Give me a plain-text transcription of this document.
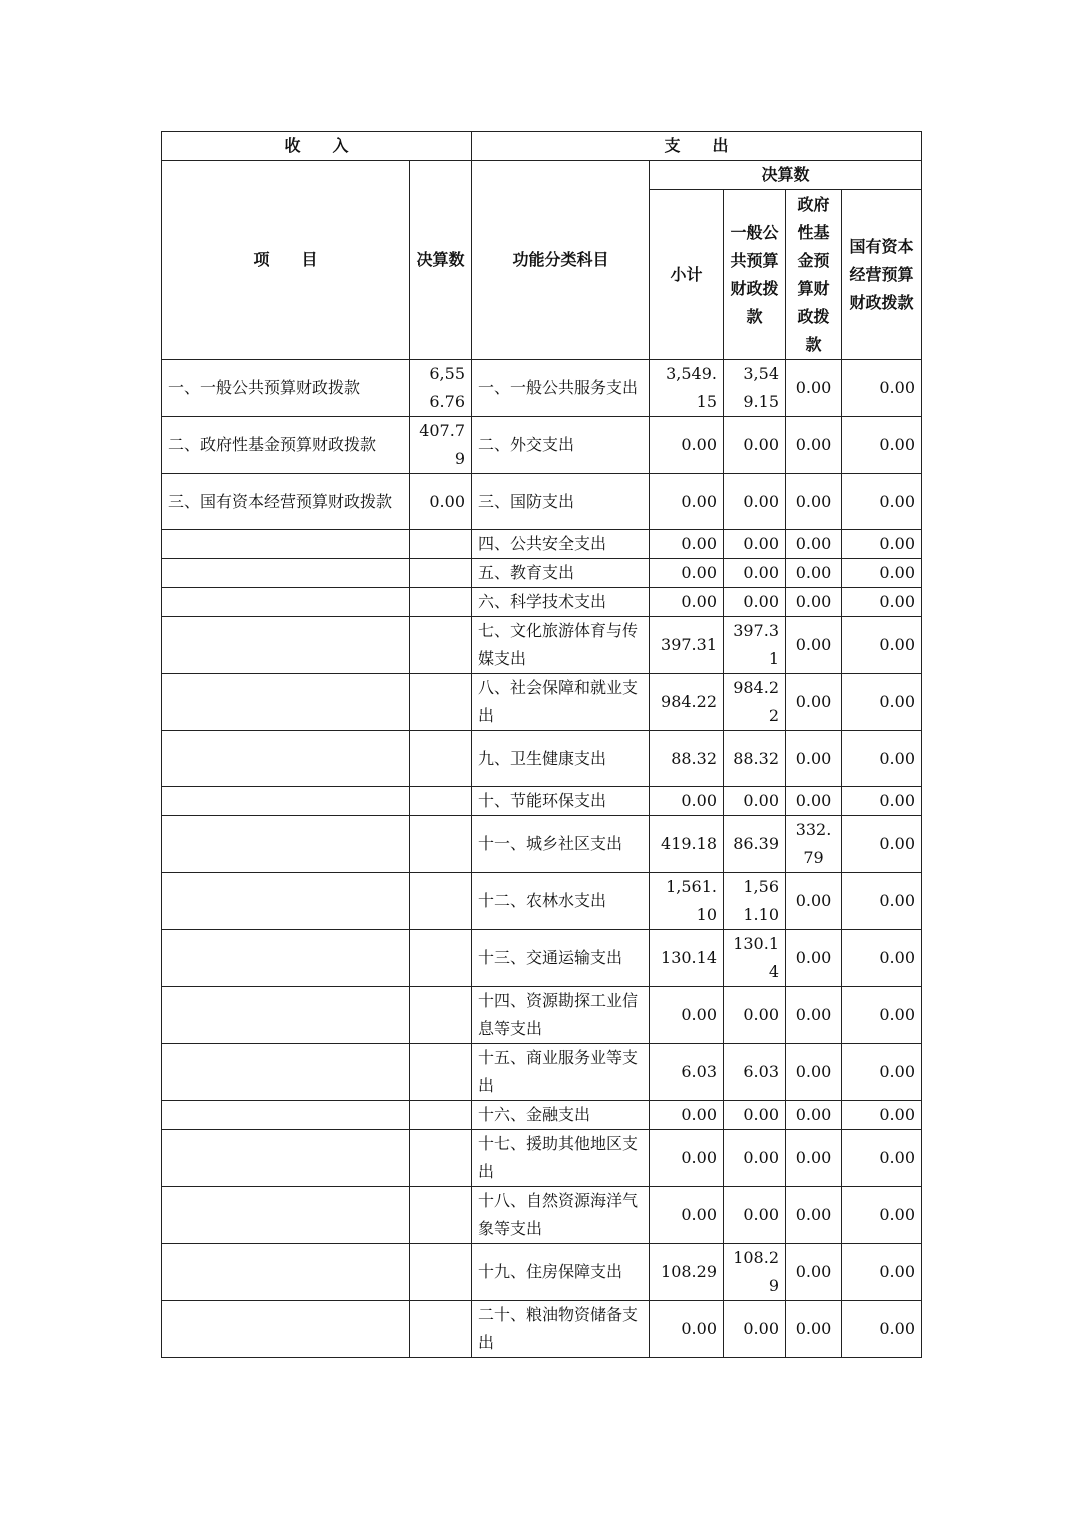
收　　入		支　　出				
项　　目	决算数	功能分类科目	决算数			
			小计	一般公共预算财政拨款	政府性基金预算财政拨款	国有资本经营预算财政拨款
一、一般公共预算财政拨款	6,556.76	一、一般公共服务支出	3,549.15	3,549.15	0.00	0.00
二、政府性基金预算财政拨款	407.79	二、外交支出	0.00	0.00	0.00	0.00
三、国有资本经营预算财政拨款	0.00	三、国防支出	0.00	0.00	0.00	0.00
		四、公共安全支出	0.00	0.00	0.00	0.00
		五、教育支出	0.00	0.00	0.00	0.00
		六、科学技术支出	0.00	0.00	0.00	0.00
		七、文化旅游体育与传媒支出	397.31	397.31	0.00	0.00
		八、社会保障和就业支出	984.22	984.22	0.00	0.00
		九、卫生健康支出	88.32	88.32	0.00	0.00
		十、节能环保支出	0.00	0.00	0.00	0.00
		十一、城乡社区支出	419.18	86.39	332.79	0.00
		十二、农林水支出	1,561.10	1,561.10	0.00	0.00
		十三、交通运输支出	130.14	130.14	0.00	0.00
		十四、资源勘探工业信息等支出	0.00	0.00	0.00	0.00
		十五、商业服务业等支出	6.03	6.03	0.00	0.00
		十六、金融支出	0.00	0.00	0.00	0.00
		十七、援助其他地区支出	0.00	0.00	0.00	0.00
		十八、自然资源海洋气象等支出	0.00	0.00	0.00	0.00
		十九、住房保障支出	108.29	108.29	0.00	0.00
		二十、粮油物资储备支出	0.00	0.00	0.00	0.00
